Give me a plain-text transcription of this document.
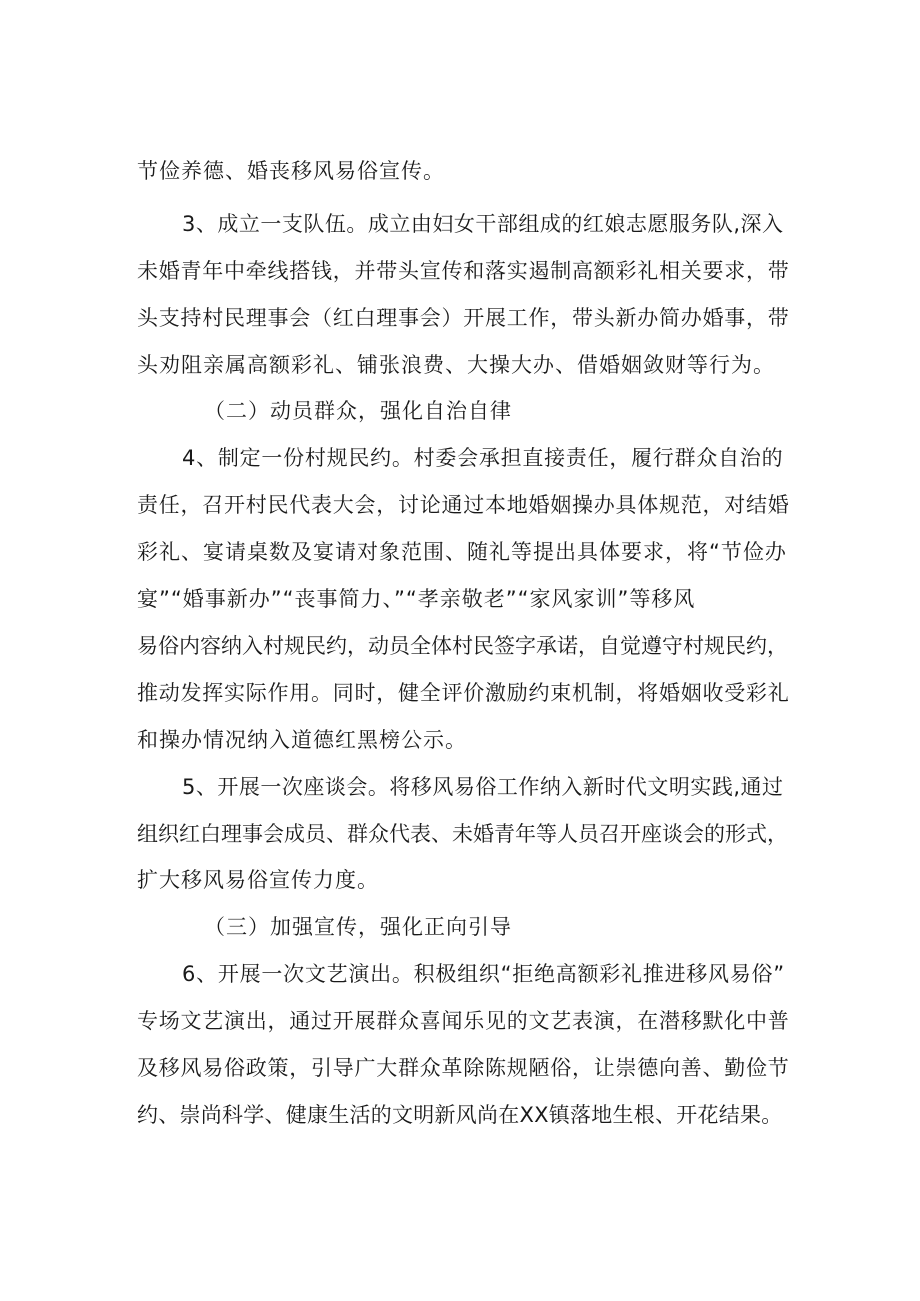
节俭养德、婚丧移风易俗宣传。
3、成立一支队伍。成立由妇女干部组成的红娘志愿服务队,深入
未婚青年中牵线搭钱，并带头宣传和落实遏制高额彩礼相关要求，带
头支持村民理事会（红白理事会）开展工作，带头新办简办婚事，带
头劝阻亲属高额彩礼、铺张浪费、大操大办、借婚姻敛财等行为。
（二）动员群众，强化自治自律
4、制定一份村规民约。村委会承担直接责任，履行群众自治的
责任，召开村民代表大会，讨论通过本地婚姻操办具体规范，对结婚
彩礼、宴请桌数及宴请对象范围、随礼等提出具体要求，将“节俭办
宴”“婚事新办”“丧事简力、”“孝亲敬老”“家风家训”等移风
易俗内容纳入村规民约，动员全体村民签字承诺，自觉遵守村规民约，
推动发挥实际作用。同时，健全评价激励约束机制，将婚姻收受彩礼
和操办情况纳入道德红黑榜公示。
5、开展一次座谈会。将移风易俗工作纳入新时代文明实践,通过
组织红白理事会成员、群众代表、未婚青年等人员召开座谈会的形式，
扩大移风易俗宣传力度。
（三）加强宣传，强化正向引导
6、开展一次文艺演出。积极组织“拒绝高额彩礼推进移风易俗”
专场文艺演出，通过开展群众喜闻乐见的文艺表演，在潜移默化中普
及移风易俗政策，引导广大群众革除陈规陋俗，让崇德向善、勤俭节
约、崇尚科学、健康生活的文明新风尚在XX镇落地生根、开花结果。
